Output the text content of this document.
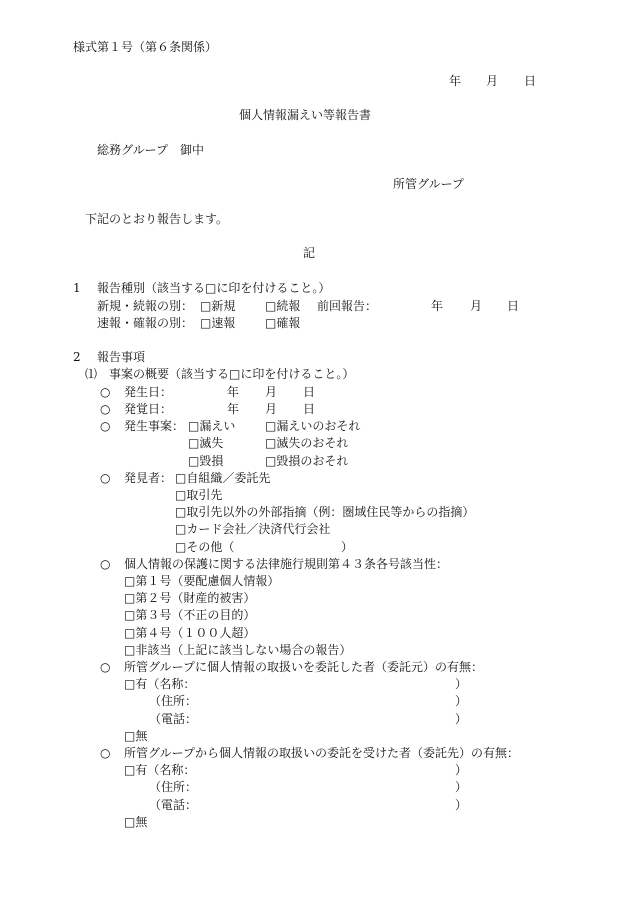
様式第１号（第６条関係）
年 月 日
個人情報漏えい等報告書
総務グループ　御中
所管グループ
下記のとおり報告します。
記
1 報告種別（該当する□に印を付けること。）
新規・続報の別： □新規 □続報 前回報告：	年 月 日
速報・確報の別： □速報 □確報
2 報告事項
⑴　事案の概要（該当する□に印を付けること。）
○ 発生日：	年 月 日
○ 発覚日：	年 月 日
○ 発生事案： □漏えい □漏えいのおそれ
□滅失	□滅失のおそれ
□毀損	□毀損のおそれ
○ 発見者： □自組織／委託先
□取引先
□取引先以外の外部指摘（例：圏域住民等からの指摘）
□カード会社／決済代行会社
□その他（	）
○ 個人情報の保護に関する法律施行規則第４３条各号該当性：
□第１号（要配慮個人情報）
□第２号（財産的被害）
□第３号（不正の目的）
□第４号（１００人超）
□非該当（上記に該当しない場合の報告）
○ 所管グループに個人情報の取扱いを委託した者（委託元）の有無：
□有（名称：	）
（住所：	）
（電話：	）
□無
○ 所管グループから個人情報の取扱いの委託を受けた者（委託先）の有無：
□有（名称：	）
（住所：	）
（電話：	）
□無
